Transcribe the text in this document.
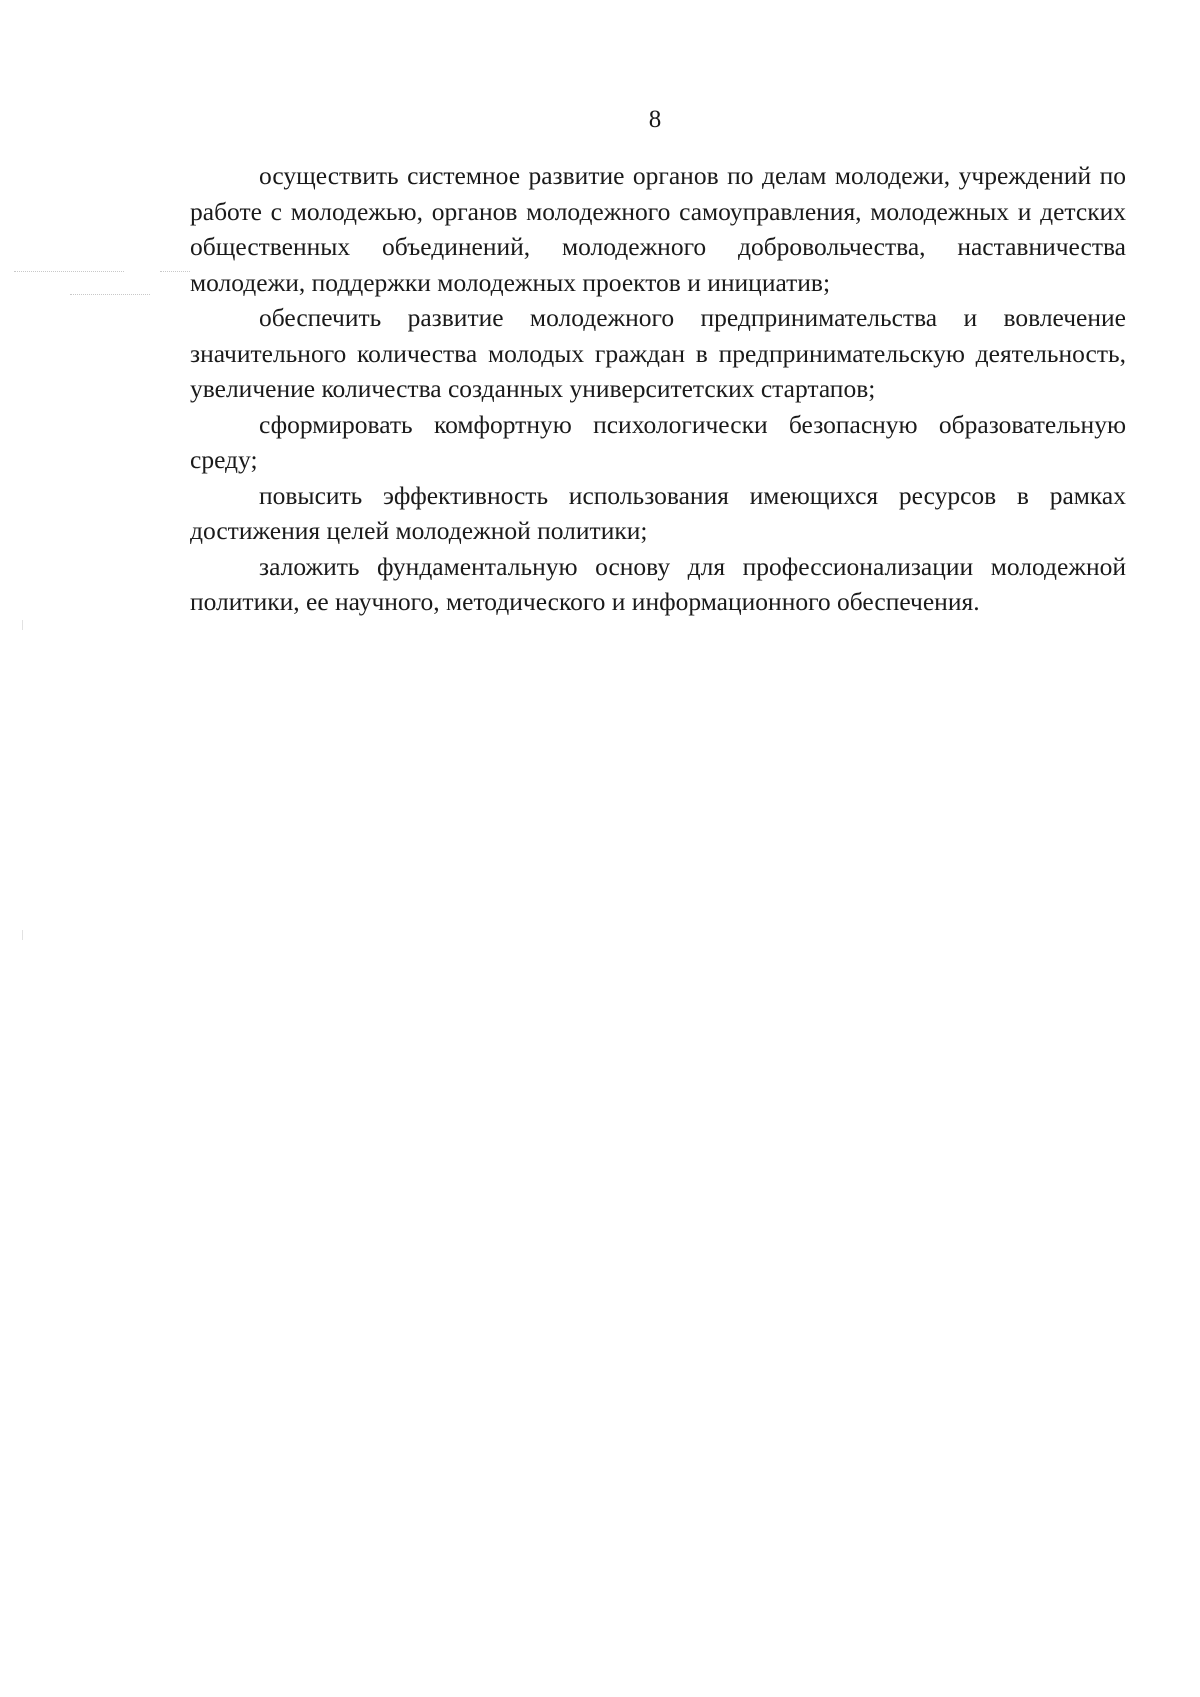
8

осуществить системное развитие органов по делам молодежи, учреждений по работе с молодежью, органов молодежного самоуправления, молодежных и детских общественных объединений, молодежного добровольчества, наставничества молодежи, поддержки молодежных проектов и инициатив;

обеспечить развитие молодежного предпринимательства и вовлечение значительного количества молодых граждан в предпринимательскую деятельность, увеличение количества созданных университетских стартапов;

сформировать комфортную психологически безопасную образовательную среду;

повысить эффективность использования имеющихся ресурсов в рамках достижения целей молодежной политики;

заложить фундаментальную основу для профессионализации молодежной политики, ее научного, методического и информационного обеспечения.
